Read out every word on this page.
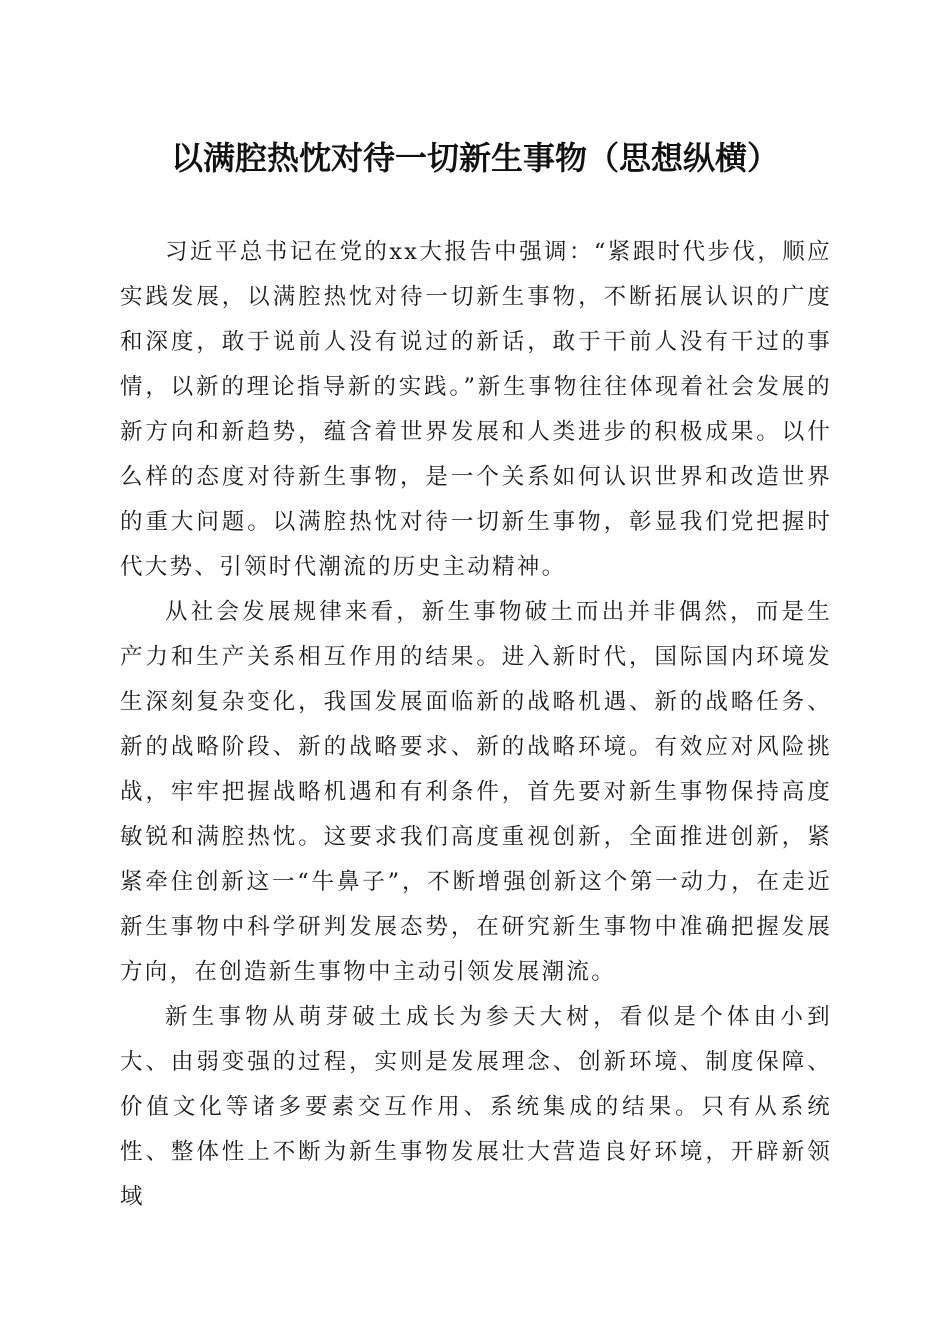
以满腔热忱对待一切新生事物（思想纵横）

习近平总书记在党的xx大报告中强调：“紧跟时代步伐，顺应实践发展，以满腔热忱对待一切新生事物，不断拓展认识的广度和深度，敢于说前人没有说过的新话，敢于干前人没有干过的事情，以新的理论指导新的实践。”新生事物往往体现着社会发展的新方向和新趋势，蕴含着世界发展和人类进步的积极成果。以什么样的态度对待新生事物，是一个关系如何认识世界和改造世界的重大问题。以满腔热忱对待一切新生事物，彰显我们党把握时代大势、引领时代潮流的历史主动精神。

从社会发展规律来看，新生事物破土而出并非偶然，而是生产力和生产关系相互作用的结果。进入新时代，国际国内环境发生深刻复杂变化，我国发展面临新的战略机遇、新的战略任务、新的战略阶段、新的战略要求、新的战略环境。有效应对风险挑战，牢牢把握战略机遇和有利条件，首先要对新生事物保持高度敏锐和满腔热忱。这要求我们高度重视创新，全面推进创新，紧紧牵住创新这一“牛鼻子”，不断增强创新这个第一动力，在走近新生事物中科学研判发展态势，在研究新生事物中准确把握发展方向，在创造新生事物中主动引领发展潮流。

新生事物从萌芽破土成长为参天大树，看似是个体由小到大、由弱变强的过程，实则是发展理念、创新环境、制度保障、价值文化等诸多要素交互作用、系统集成的结果。只有从系统性、整体性上不断为新生事物发展壮大营造良好环境，开辟新领域
